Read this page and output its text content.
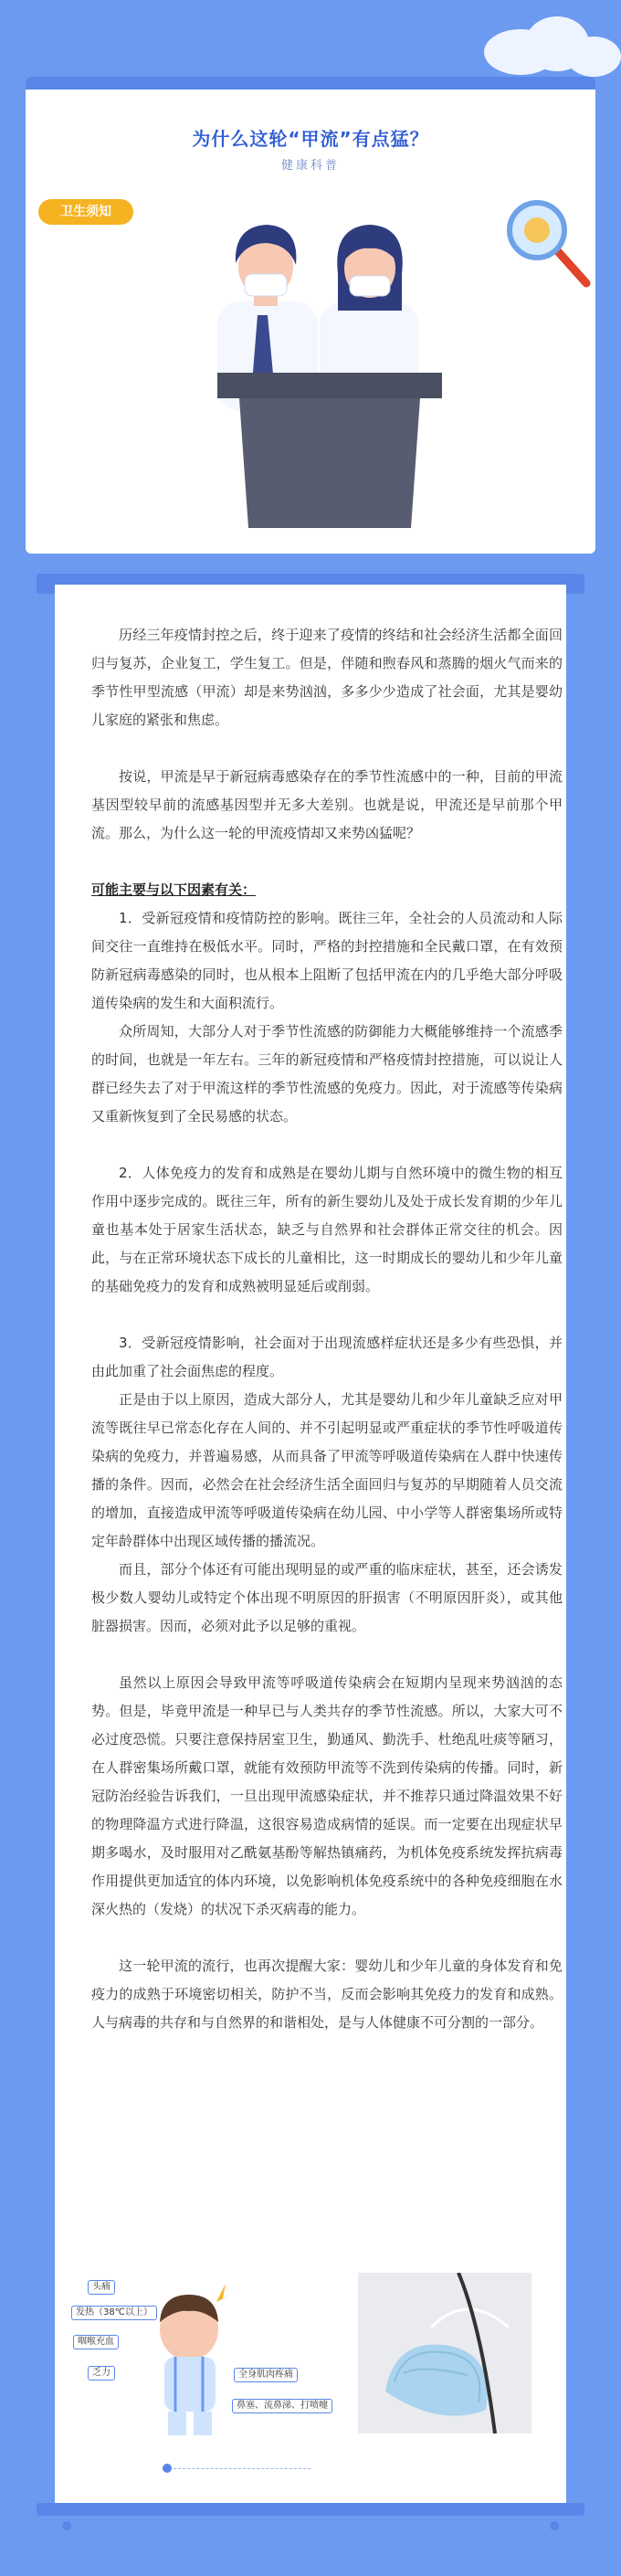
为什么这轮“甲流”有点猛？
健康科普
卫生须知

历经三年疫情封控之后，终于迎来了疫情的终结和社会经济生活都全面回归与复苏，企业复工，学生复工。但是，伴随和煦春风和蒸腾的烟火气而来的季节性甲型流感（甲流）却是来势汹汹，多多少少造成了社会面，尤其是婴幼儿家庭的紧张和焦虑。

按说，甲流是早于新冠病毒感染存在的季节性流感中的一种，目前的甲流基因型较早前的流感基因型并无多大差别。也就是说，甲流还是早前那个甲流。那么，为什么这一轮的甲流疫情却又来势凶猛呢？

可能主要与以下因素有关：

1．受新冠疫情和疫情防控的影响。既往三年，全社会的人员流动和人际间交往一直维持在极低水平。同时，严格的封控措施和全民戴口罩，在有效预防新冠病毒感染的同时，也从根本上阻断了包括甲流在内的几乎绝大部分呼吸道传染病的发生和大面积流行。

众所周知，大部分人对于季节性流感的防御能力大概能够维持一个流感季的时间，也就是一年左右。三年的新冠疫情和严格疫情封控措施，可以说让人群已经失去了对于甲流这样的季节性流感的免疫力。因此，对于流感等传染病又重新恢复到了全民易感的状态。

2．人体免疫力的发育和成熟是在婴幼儿期与自然环境中的微生物的相互作用中逐步完成的。既往三年，所有的新生婴幼儿及处于成长发育期的少年儿童也基本处于居家生活状态，缺乏与自然界和社会群体正常交往的机会。因此，与在正常环境状态下成长的儿童相比，这一时期成长的婴幼儿和少年儿童的基础免疫力的发育和成熟被明显延后或削弱。

3．受新冠疫情影响，社会面对于出现流感样症状还是多少有些恐惧，并由此加重了社会面焦虑的程度。

正是由于以上原因，造成大部分人，尤其是婴幼儿和少年儿童缺乏应对甲流等既往早已常态化存在人间的、并不引起明显或严重症状的季节性呼吸道传染病的免疫力，并普遍易感，从而具备了甲流等呼吸道传染病在人群中快速传播的条件。因而，必然会在社会经济生活全面回归与复苏的早期随着人员交流的增加，直接造成甲流等呼吸道传染病在幼儿园、中小学等人群密集场所或特定年龄群体中出现区域传播的播流况。

而且，部分个体还有可能出现明显的或严重的临床症状，甚至，还会诱发极少数人婴幼儿或特定个体出现不明原因的肝损害（不明原因肝炎），或其他脏器损害。因而，必须对此予以足够的重视。

虽然以上原因会导致甲流等呼吸道传染病会在短期内呈现来势汹汹的态势。但是，毕竟甲流是一种早已与人类共存的季节性流感。所以，大家大可不必过度恐慌。只要注意保持居室卫生，勤通风、勤洗手、杜绝乱吐痰等陋习，在人群密集场所戴口罩，就能有效预防甲流等不洗到传染病的传播。同时，新冠防治经验告诉我们，一旦出现甲流感染症状，并不推荐只通过降温效果不好的物理降温方式进行降温，这很容易造成病情的延误。而一定要在出现症状早期多喝水，及时服用对乙酰氨基酚等解热镇痛药，为机体免疫系统发挥抗病毒作用提供更加适宜的体内环境，以免影响机体免疫系统中的各种免疫细胞在水深火热的（发烧）的状况下杀灭病毒的能力。

这一轮甲流的流行，也再次提醒大家：婴幼儿和少年儿童的身体发育和免疫力的成熟于环境密切相关，防护不当，反而会影响其免疫力的发育和成熟。人与病毒的共存和与自然界的和谐相处，是与人体健康不可分割的一部分。

头痛
发热（38℃以上）
咽喉充血
乏力	全身肌肉疼痛
鼻塞、流鼻涕、打喷嚏
